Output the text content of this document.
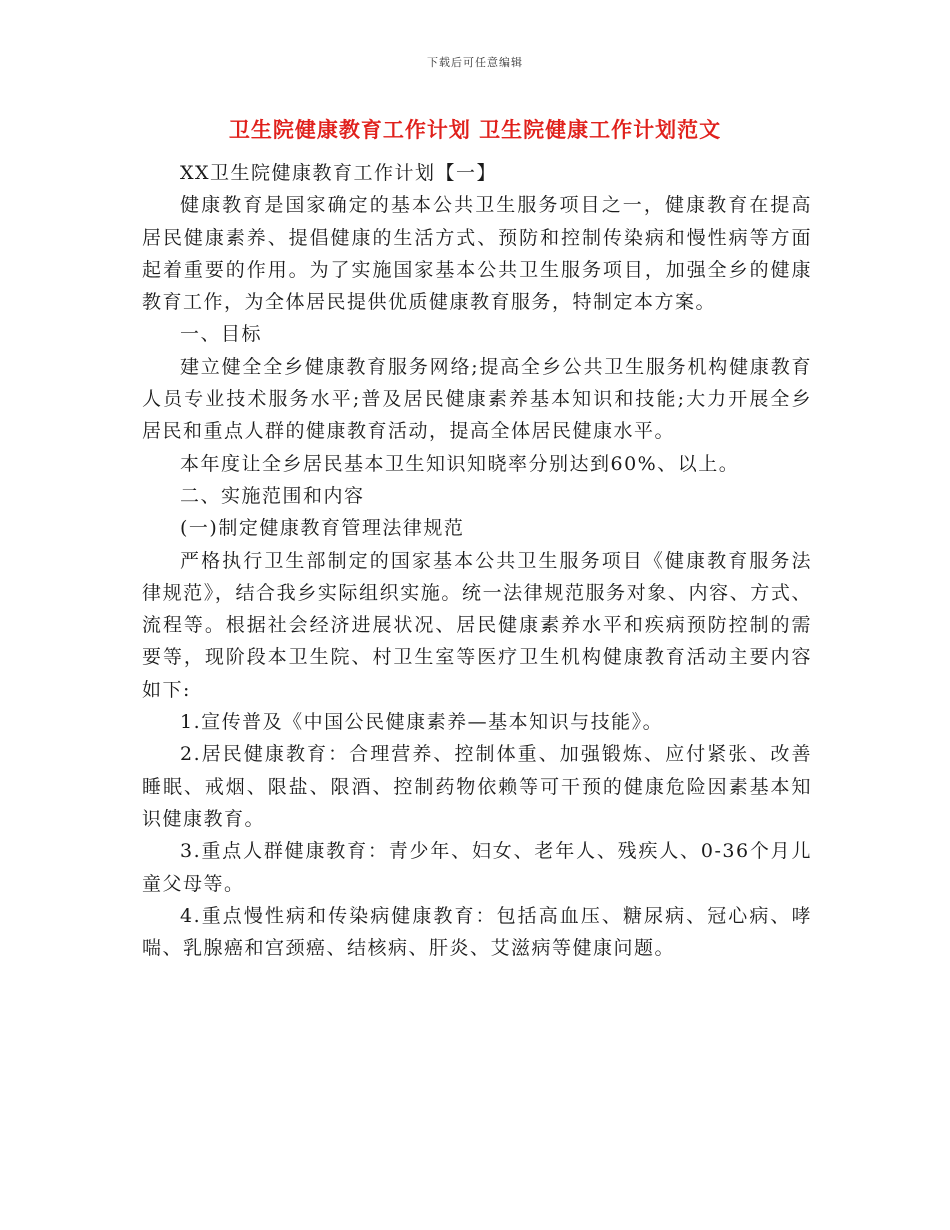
下载后可任意编辑
卫生院健康教育工作计划 卫生院健康工作计划范文

XX卫生院健康教育工作计划【一】

健康教育是国家确定的基本公共卫生服务项目之一，健康教育在提高居民健康素养、提倡健康的生活方式、预防和控制传染病和慢性病等方面起着重要的作用。为了实施国家基本公共卫生服务项目，加强全乡的健康教育工作，为全体居民提供优质健康教育服务，特制定本方案。

一、目标

建立健全全乡健康教育服务网络;提高全乡公共卫生服务机构健康教育人员专业技术服务水平;普及居民健康素养基本知识和技能;大力开展全乡居民和重点人群的健康教育活动，提高全体居民健康水平。

本年度让全乡居民基本卫生知识知晓率分别达到60%、以上。

二、实施范围和内容

(一)制定健康教育管理法律规范

严格执行卫生部制定的国家基本公共卫生服务项目《健康教育服务法律规范》，结合我乡实际组织实施。统一法律规范服务对象、内容、方式、流程等。根据社会经济进展状况、居民健康素养水平和疾病预防控制的需要等，现阶段本卫生院、村卫生室等医疗卫生机构健康教育活动主要内容如下:

1.宣传普及《中国公民健康素养—基本知识与技能》。

2.居民健康教育：合理营养、控制体重、加强锻炼、应付紧张、改善睡眠、戒烟、限盐、限酒、控制药物依赖等可干预的健康危险因素基本知识健康教育。

3.重点人群健康教育：青少年、妇女、老年人、残疾人、0-36个月儿童父母等。

4.重点慢性病和传染病健康教育：包括高血压、糖尿病、冠心病、哮喘、乳腺癌和宫颈癌、结核病、肝炎、艾滋病等健康问题。
